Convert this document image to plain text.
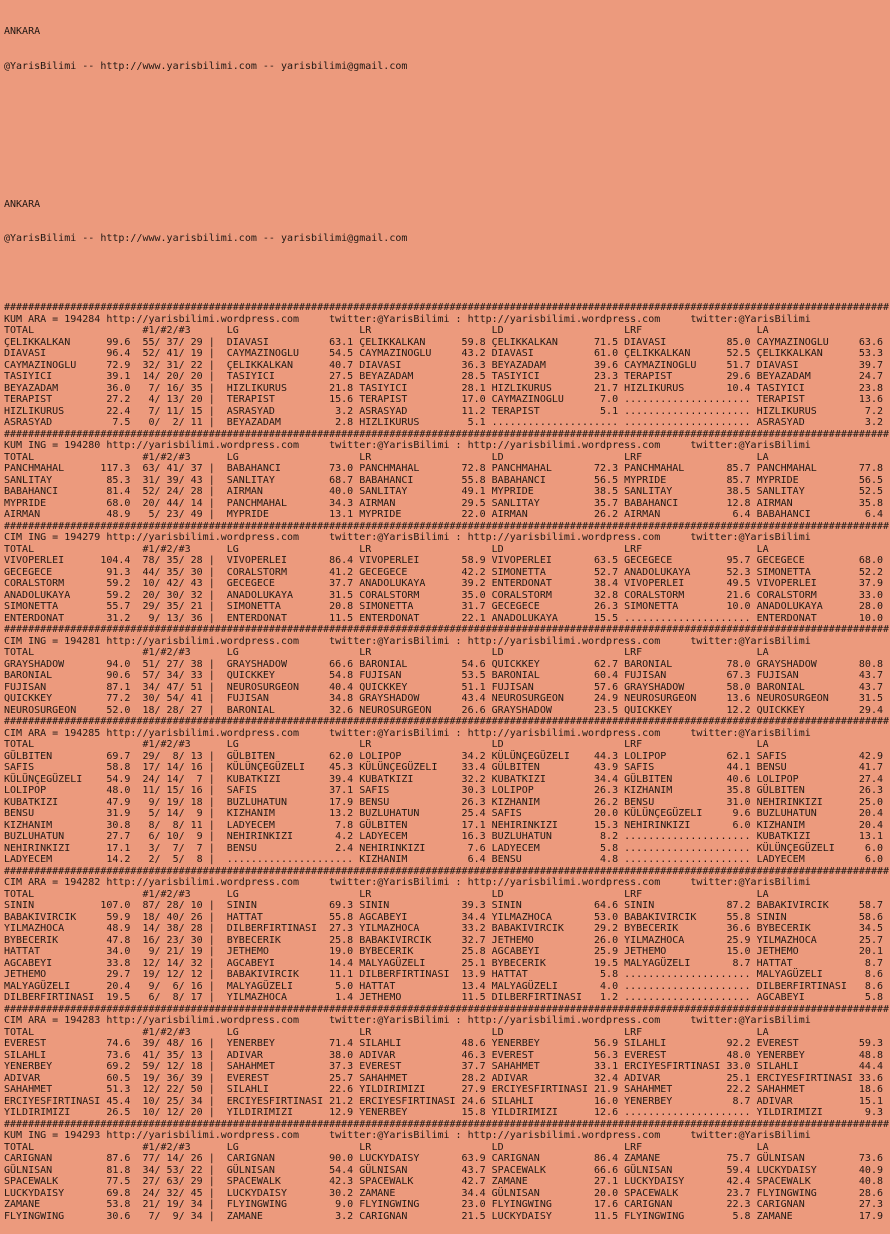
ANKARA

@YarisBilimi -- http://www.yarisbilimi.com -- yarisbilimi@gmail.com

ANKARA

@YarisBilimi -- http://www.yarisbilimi.com -- yarisbilimi@gmail.com

###################################################################################################################################################
KUM ARA = 194284 http://yarisbilimi.wordpress.com     twitter:@YarisBilimi : http://yarisbilimi.wordpress.com     twitter:@YarisBilimi
TOTAL                  #1/#2/#3      LG                    LR                    LD                    LRF                   LA
ÇELIKKALKAN      99.6  55/ 37/ 29 |  DIAVASI          63.1 ÇELIKKALKAN      59.8 ÇELIKKALKAN      71.5 DIAVASI          85.0 CAYMAZINOGLU     63.6
DIAVASI          96.4  52/ 41/ 19 |  CAYMAZINOGLU     54.5 CAYMAZINOGLU     43.2 DIAVASI          61.0 ÇELIKKALKAN      52.5 ÇELIKKALKAN      53.3
CAYMAZINOGLU     72.9  32/ 31/ 22 |  ÇELIKKALKAN      40.7 DIAVASI          36.3 BEYAZADAM        39.6 CAYMAZINOGLU     51.7 DIAVASI          39.7
TASIYICI         39.1  14/ 20/ 20 |  TASIYICI         27.5 BEYAZADAM        28.5 TASIYICI         23.3 TERAPIST         29.6 BEYAZADAM        24.7
BEYAZADAM        36.0   7/ 16/ 35 |  HIZLIKURUS       21.8 TASIYICI         28.1 HIZLIKURUS       21.7 HIZLIKURUS       10.4 TASIYICI         23.8
TERAPIST         27.2   4/ 13/ 20 |  TERAPIST         15.6 TERAPIST         17.0 CAYMAZINOGLU      7.0 ..................... TERAPIST         13.6
HIZLIKURUS       22.4   7/ 11/ 15 |  ASRASYAD          3.2 ASRASYAD         11.2 TERAPIST          5.1 ..................... HIZLIKURUS        7.2
ASRASYAD          7.5   0/  2/ 11 |  BEYAZADAM         2.8 HIZLIKURUS        5.1 ..................... ..................... ASRASYAD          3.2
###################################################################################################################################################
KUM ING = 194280 http://yarisbilimi.wordpress.com     twitter:@YarisBilimi : http://yarisbilimi.wordpress.com     twitter:@YarisBilimi
TOTAL                  #1/#2/#3      LG                    LR                    LD                    LRF                   LA
PANCHMAHAL      117.3  63/ 41/ 37 |  BABAHANCI        73.0 PANCHMAHAL       72.8 PANCHMAHAL       72.3 PANCHMAHAL       85.7 PANCHMAHAL       77.8
SANLITAY         85.3  31/ 39/ 43 |  SANLITAY         68.7 BABAHANCI        55.8 BABAHANCI        56.5 MYPRIDE          85.7 MYPRIDE          56.5
BABAHANCI        81.4  52/ 24/ 28 |  AIRMAN           40.0 SANLITAY         49.1 MYPRIDE          38.5 SANLITAY         38.5 SANLITAY         52.5
MYPRIDE          68.0  20/ 44/ 14 |  PANCHMAHAL       34.3 AIRMAN           29.5 SANLITAY         35.7 BABAHANCI        12.8 AIRMAN           35.8
AIRMAN           48.9   5/ 23/ 49 |  MYPRIDE          13.1 MYPRIDE          22.0 AIRMAN           26.2 AIRMAN            6.4 BABAHANCI         6.4
###################################################################################################################################################
CIM ING = 194279 http://yarisbilimi.wordpress.com     twitter:@YarisBilimi : http://yarisbilimi.wordpress.com     twitter:@YarisBilimi
TOTAL                  #1/#2/#3      LG                    LR                    LD                    LRF                   LA
VIVOPERLEI      104.4  78/ 35/ 28 |  VIVOPERLEI       86.4 VIVOPERLEI       58.9 VIVOPERLEI       63.5 GECEGECE         95.7 GECEGECE         68.0
GECEGECE         91.3  44/ 35/ 30 |  CORALSTORM       41.2 GECEGECE         42.2 SIMONETTA        52.7 ANADOLUKAYA      52.3 SIMONETTA        52.2
CORALSTORM       59.2  10/ 42/ 43 |  GECEGECE         37.7 ANADOLUKAYA      39.2 ENTERDONAT       38.4 VIVOPERLEI       49.5 VIVOPERLEI       37.9
ANADOLUKAYA      59.2  20/ 30/ 32 |  ANADOLUKAYA      31.5 CORALSTORM       35.0 CORALSTORM       32.8 CORALSTORM       21.6 CORALSTORM       33.0
SIMONETTA        55.7  29/ 35/ 21 |  SIMONETTA        20.8 SIMONETTA        31.7 GECEGECE         26.3 SIMONETTA        10.0 ANADOLUKAYA      28.0
ENTERDONAT       31.2   9/ 13/ 36 |  ENTERDONAT       11.5 ENTERDONAT       22.1 ANADOLUKAYA      15.5 ..................... ENTERDONAT       10.0
###################################################################################################################################################
CIM ING = 194281 http://yarisbilimi.wordpress.com     twitter:@YarisBilimi : http://yarisbilimi.wordpress.com     twitter:@YarisBilimi
TOTAL                  #1/#2/#3      LG                    LR                    LD                    LRF                   LA
GRAYSHADOW       94.0  51/ 27/ 38 |  GRAYSHADOW       66.6 BARONIAL         54.6 QUICKKEY         62.7 BARONIAL         78.0 GRAYSHADOW       80.8
BARONIAL         90.6  57/ 34/ 33 |  QUICKKEY         54.8 FUJISAN          53.5 BARONIAL         60.4 FUJISAN          67.3 FUJISAN          43.7
FUJISAN          87.1  34/ 47/ 51 |  NEUROSURGEON     40.4 QUICKKEY         51.1 FUJISAN          57.6 GRAYSHADOW       58.0 BARONIAL         43.7
QUICKKEY         77.2  30/ 54/ 41 |  FUJISAN          34.8 GRAYSHADOW       43.4 NEUROSURGEON     24.9 NEUROSURGEON     13.6 NEUROSURGEON     31.5
NEUROSURGEON     52.0  18/ 28/ 27 |  BARONIAL         32.6 NEUROSURGEON     26.6 GRAYSHADOW       23.5 QUICKKEY         12.2 QUICKKEY         29.4
###################################################################################################################################################
CIM ARA = 194285 http://yarisbilimi.wordpress.com     twitter:@YarisBilimi : http://yarisbilimi.wordpress.com     twitter:@YarisBilimi
TOTAL                  #1/#2/#3      LG                    LR                    LD                    LRF                   LA
GÜLBITEN         69.7  29/  8/ 13 |  GÜLBITEN         62.0 LOLIPOP          34.2 KÜLÜNÇEGÜZELI    44.3 LOLIPOP          62.1 SAFIS            42.9
SAFIS            58.8  17/ 14/ 16 |  KÜLÜNÇEGÜZELI    45.3 KÜLÜNÇEGÜZELI    33.4 GÜLBITEN         43.9 SAFIS            44.1 BENSU            41.7
KÜLÜNÇEGÜZELI    54.9  24/ 14/  7 |  KUBATKIZI        39.4 KUBATKIZI        32.2 KUBATKIZI        34.4 GÜLBITEN         40.6 LOLIPOP          27.4
LOLIPOP          48.0  11/ 15/ 16 |  SAFIS            37.1 SAFIS            30.3 LOLIPOP          26.3 KIZHANIM         35.8 GÜLBITEN         26.3
KUBATKIZI        47.9   9/ 19/ 18 |  BUZLUHATUN       17.9 BENSU            26.3 KIZHANIM         26.2 BENSU            31.0 NEHIRINKIZI      25.0
BENSU            31.9   5/ 14/  9 |  KIZHANIM         13.2 BUZLUHATUN       25.4 SAFIS            20.0 KÜLÜNÇEGÜZELI     9.6 BUZLUHATUN       20.4
KIZHANIM         30.8   8/  8/ 11 |  LADYECEM          7.8 GÜLBITEN         17.1 NEHIRINKIZI      15.3 NEHIRINKIZI       6.0 KIZHANIM         20.4
BUZLUHATUN       27.7   6/ 10/  9 |  NEHIRINKIZI       4.2 LADYECEM         16.3 BUZLUHATUN        8.2 ..................... KUBATKIZI        13.1
NEHIRINKIZI      17.1   3/  7/  7 |  BENSU             2.4 NEHIRINKIZI       7.6 LADYECEM          5.8 ..................... KÜLÜNÇEGÜZELI     6.0
LADYECEM         14.2   2/  5/  8 |  ..................... KIZHANIM          6.4 BENSU             4.8 ..................... LADYECEM          6.0
###################################################################################################################################################
CIM ARA = 194282 http://yarisbilimi.wordpress.com     twitter:@YarisBilimi : http://yarisbilimi.wordpress.com     twitter:@YarisBilimi
TOTAL                  #1/#2/#3      LG                    LR                    LD                    LRF                   LA
SININ           107.0  87/ 28/ 10 |  SININ            69.3 SININ            39.3 SININ            64.6 SININ            87.2 BABAKIVIRCIK     58.7
BABAKIVIRCIK     59.9  18/ 40/ 26 |  HATTAT           55.8 AGCABEYI         34.4 YILMAZHOCA       53.0 BABAKIVIRCIK     55.8 SININ            58.6
YILMAZHOCA       48.9  14/ 38/ 28 |  DILBERFIRTINASI  27.3 YILMAZHOCA       33.2 BABAKIVIRCIK     29.2 BYBECERIK        36.6 BYBECERIK        34.5
BYBECERIK        47.8  16/ 23/ 30 |  BYBECERIK        25.8 BABAKIVIRCIK     32.7 JETHEMO          26.0 YILMAZHOCA       25.9 YILMAZHOCA       25.7
HATTAT           34.0   9/ 21/ 19 |  JETHEMO          19.0 BYBECERIK        25.8 AGCABEYI         25.9 JETHEMO          15.0 JETHEMO          20.1
AGCABEYI         33.8  12/ 14/ 32 |  AGCABEYI         14.4 MALYAGÜZELI      25.1 BYBECERIK        19.5 MALYAGÜZELI       8.7 HATTAT            8.7
JETHEMO          29.7  19/ 12/ 12 |  BABAKIVIRCIK     11.1 DILBERFIRTINASI  13.9 HATTAT            5.8 ..................... MALYAGÜZELI       8.6
MALYAGÜZELI      20.4   9/  6/ 16 |  MALYAGÜZELI       5.0 HATTAT           13.4 MALYAGÜZELI       4.0 ..................... DILBERFIRTINASI   8.6
DILBERFIRTINASI  19.5   6/  8/ 17 |  YILMAZHOCA        1.4 JETHEMO          11.5 DILBERFIRTINASI   1.2 ..................... AGCABEYI          5.8
###################################################################################################################################################
CIM ARA = 194283 http://yarisbilimi.wordpress.com     twitter:@YarisBilimi : http://yarisbilimi.wordpress.com     twitter:@YarisBilimi
TOTAL                  #1/#2/#3      LG                    LR                    LD                    LRF                   LA
EVEREST          74.6  39/ 48/ 16 |  YENERBEY         71.4 SILAHLI          48.6 YENERBEY         56.9 SILAHLI          92.2 EVEREST          59.3
SILAHLI          73.6  41/ 35/ 13 |  ADIVAR           38.0 ADIVAR           46.3 EVEREST          56.3 EVEREST          48.0 YENERBEY         48.8
YENERBEY         69.2  59/ 12/ 18 |  SAHAHMET         37.3 EVEREST          37.7 SAHAHMET         33.1 ERCIYESFIRTINASI 33.0 SILAHLI          44.4
ADIVAR           60.5  19/ 36/ 39 |  EVEREST          25.7 SAHAHMET         28.2 ADIVAR           32.4 ADIVAR           25.1 ERCIYESFIRTINASI 33.6
SAHAHMET         51.3  12/ 22/ 50 |  SILAHLI          22.6 YILDIRIMIZI      27.9 ERCIYESFIRTINASI 21.9 SAHAHMET         22.2 SAHAHMET         18.6
ERCIYESFIRTINASI 45.4  10/ 25/ 34 |  ERCIYESFIRTINASI 21.2 ERCIYESFIRTINASI 24.6 SILAHLI          16.0 YENERBEY          8.7 ADIVAR           15.1
YILDIRIMIZI      26.5  10/ 12/ 20 |  YILDIRIMIZI      12.9 YENERBEY         15.8 YILDIRIMIZI      12.6 ..................... YILDIRIMIZI       9.3
###################################################################################################################################################
KUM ING = 194293 http://yarisbilimi.wordpress.com     twitter:@YarisBilimi : http://yarisbilimi.wordpress.com     twitter:@YarisBilimi
TOTAL                  #1/#2/#3      LG                    LR                    LD                    LRF                   LA
CARIGNAN         87.6  77/ 14/ 26 |  CARIGNAN         90.0 LUCKYDAISY       63.9 CARIGNAN         86.4 ZAMANE           75.7 GÜLNISAN         73.6
GÜLNISAN         81.8  34/ 53/ 22 |  GÜLNISAN         54.4 GÜLNISAN         43.7 SPACEWALK        66.6 GÜLNISAN         59.4 LUCKYDAISY       40.9
SPACEWALK        77.5  27/ 63/ 29 |  SPACEWALK        42.3 SPACEWALK        42.7 ZAMANE           27.1 LUCKYDAISY       42.4 SPACEWALK        40.8
LUCKYDAISY       69.8  24/ 32/ 45 |  LUCKYDAISY       30.2 ZAMANE           34.4 GÜLNISAN         20.0 SPACEWALK        23.7 FLYINGWING       28.6
ZAMANE           53.8  21/ 19/ 34 |  FLYINGWING        9.0 FLYINGWING       23.0 FLYINGWING       17.6 CARIGNAN         22.3 CARIGNAN         27.3
FLYINGWING       30.6   7/  9/ 34 |  ZAMANE            3.2 CARIGNAN         21.5 LUCKYDAISY       11.5 FLYINGWING        5.8 ZAMANE           17.9
